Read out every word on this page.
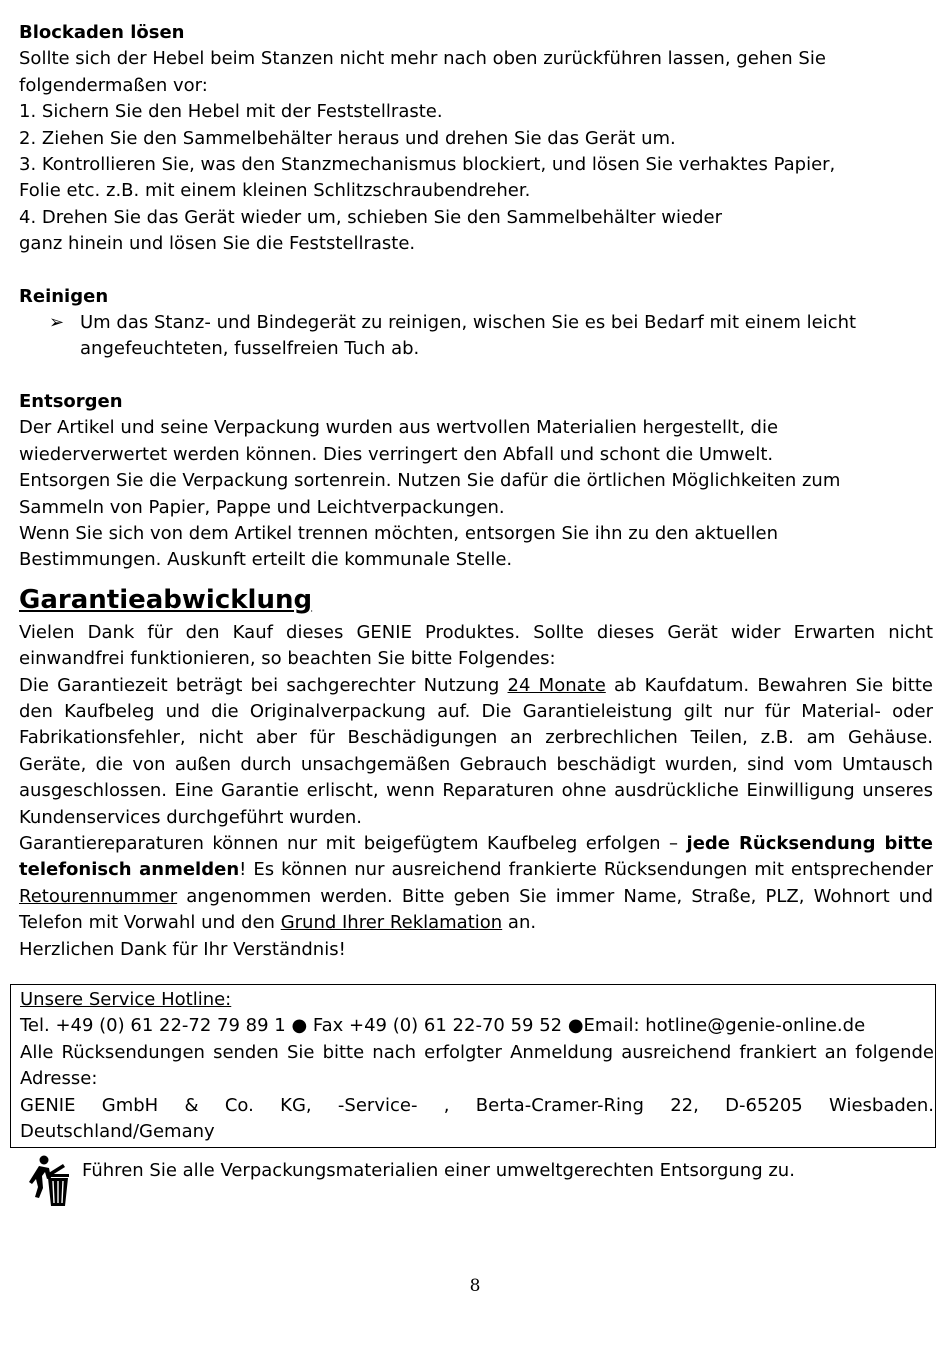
Blockaden lösen

Sollte sich der Hebel beim Stanzen nicht mehr nach oben zurückführen lassen, gehen Sie

folgendermaßen vor:

1. Sichern Sie den Hebel mit der Feststellraste.

2. Ziehen Sie den Sammelbehälter heraus und drehen Sie das Gerät um.

3. Kontrollieren Sie, was den Stanzmechanismus blockiert, und lösen Sie verhaktes Papier,

Folie etc. z.B. mit einem kleinen Schlitzschraubendreher.

4. Drehen Sie das Gerät wieder um, schieben Sie den Sammelbehälter wieder

ganz hinein und lösen Sie die Feststellraste.

Reinigen

➢ Um das Stanz- und Bindegerät zu reinigen, wischen Sie es bei Bedarf mit einem leicht angefeuchteten, fusselfreien Tuch ab.

Entsorgen

Der Artikel und seine Verpackung wurden aus wertvollen Materialien hergestellt, die

wiederverwertet werden können. Dies verringert den Abfall und schont die Umwelt.

Entsorgen Sie die Verpackung sortenrein. Nutzen Sie dafür die örtlichen Möglichkeiten zum

Sammeln von Papier, Pappe und Leichtverpackungen.

Wenn Sie sich von dem Artikel trennen möchten, entsorgen Sie ihn zu den aktuellen

Bestimmungen. Auskunft erteilt die kommunale Stelle.

Garantieabwicklung

Vielen Dank für den Kauf dieses GENIE Produktes. Sollte dieses Gerät wider Erwarten nicht einwandfrei funktionieren, so beachten Sie bitte Folgendes:

Die Garantiezeit beträgt bei sachgerechter Nutzung 24 Monate ab Kaufdatum. Bewahren Sie bitte den Kaufbeleg und die Originalverpackung auf. Die Garantieleistung gilt nur für Material- oder Fabrikationsfehler, nicht aber für Beschädigungen an zerbrechlichen Teilen, z.B. am Gehäuse. Geräte, die von außen durch unsachgemäßen Gebrauch beschädigt wurden, sind vom Umtausch ausgeschlossen. Eine Garantie erlischt, wenn Reparaturen ohne ausdrückliche Einwilligung unseres Kundenservices durchgeführt wurden.

Garantiereparaturen können nur mit beigefügtem Kaufbeleg erfolgen – jede Rücksendung bitte telefonisch anmelden! Es können nur ausreichend frankierte Rücksendungen mit entsprechender Retourennummer angenommen werden. Bitte geben Sie immer Name, Straße, PLZ, Wohnort und Telefon mit Vorwahl und den Grund Ihrer Reklamation an.

Herzlichen Dank für Ihr Verständnis!

Unsere Service Hotline:

Tel. +49 (0) 61 22-72 79 89 1 ● Fax +49 (0) 61 22-70 59 52 ●Email: hotline@genie-online.de

Alle Rücksendungen senden Sie bitte nach erfolgter Anmeldung ausreichend frankiert an folgende Adresse:

GENIE GmbH & Co. KG, -Service- , Berta-Cramer-Ring 22, D-65205 Wiesbaden.

Deutschland/Gemany

Führen Sie alle Verpackungsmaterialien einer umweltgerechten Entsorgung zu.
8
